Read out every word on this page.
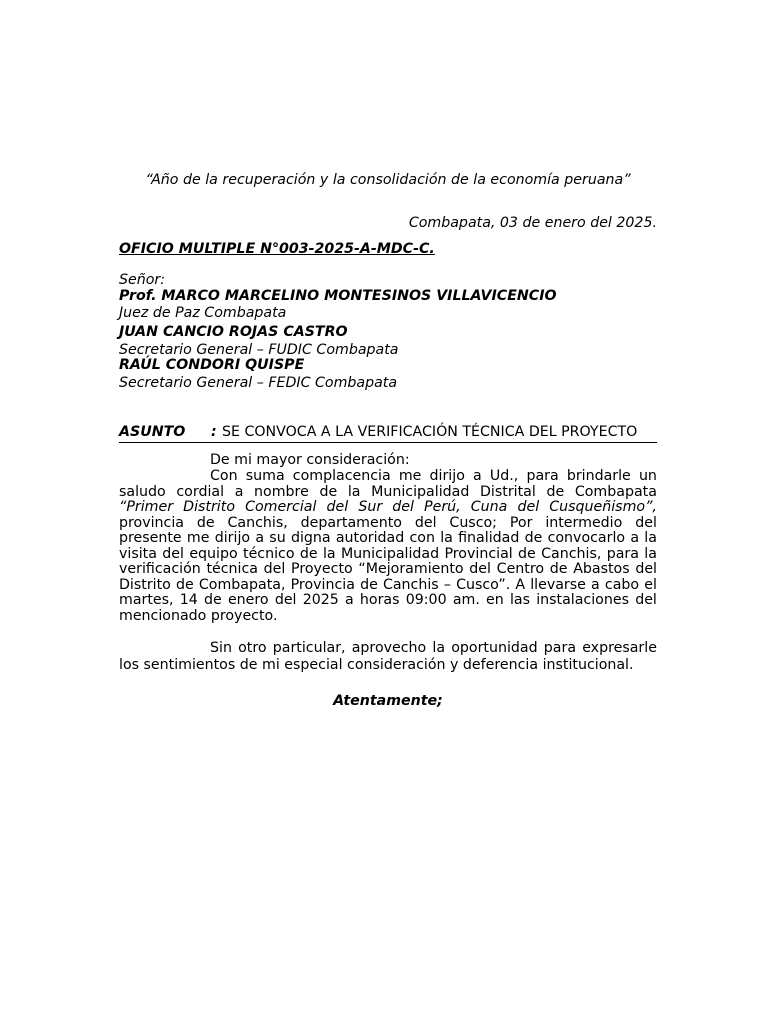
“Año de la recuperación y la consolidación de la economía peruana”
Combapata, 03 de enero del 2025.
OFICIO MULTIPLE N°003-2025-A-MDC-C.
Señor:
Prof. MARCO MARCELINO MONTESINOS VILLAVICENCIO
Juez de Paz Combapata
JUAN CANCIO ROJAS CASTRO
Secretario General – FUDIC Combapata
RAÚL CONDORI QUISPE
Secretario General – FEDIC Combapata
ASUNTO : SE CONVOCA A LA VERIFICACIÓN TÉCNICA DEL PROYECTO
De mi mayor consideración:
Con suma complacencia me dirijo a Ud., para brindarle un
saludo cordial a nombre de la Municipalidad Distrital de Combapata
“Primer Distrito Comercial del Sur del Perú, Cuna del Cusqueñismo”,
provincia de Canchis, departamento del Cusco; Por intermedio del
presente me dirijo a su digna autoridad con la finalidad de convocarlo a la
visita del equipo técnico de la Municipalidad Provincial de Canchis, para la
verificación técnica del Proyecto “Mejoramiento del Centro de Abastos del
Distrito de Combapata, Provincia de Canchis – Cusco”. A llevarse a cabo el
martes, 14 de enero del 2025 a horas 09:00 am. en las instalaciones del
mencionado proyecto.
Sin otro particular, aprovecho la oportunidad para expresarle
los sentimientos de mi especial consideración y deferencia institucional.
Atentamente;
